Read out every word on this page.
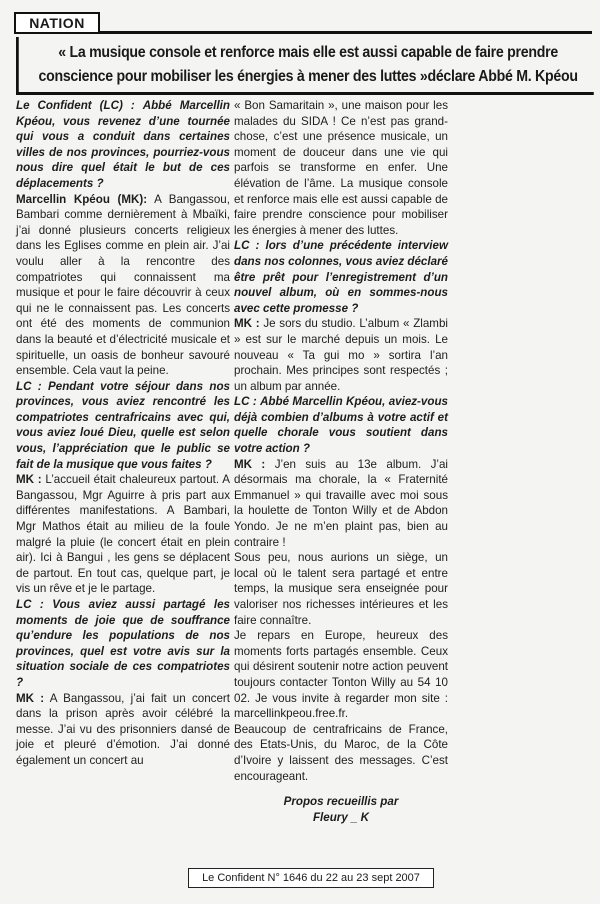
NATION
« La musique console et renforce mais elle est aussi capable de faire prendre conscience pour mobiliser les énergies à mener des luttes »déclare Abbé M. Kpéou

Le Confident (LC) : Abbé Marcellin Kpéou, vous revenez d’une tournée qui vous a conduit dans certaines villes de nos provinces, pourriez-vous nous dire quel était le but de ces déplacements ?

Marcellin Kpéou (MK): A Bangassou, Bambari comme dernièrement à Mbaïki, j’ai donné plusieurs concerts religieux dans les Eglises comme en plein air. J’ai voulu aller à la rencontre des compatriotes qui connaissent ma musique et pour le faire découvrir à ceux qui ne le connaissent pas. Les concerts ont été des moments de communion dans la beauté et d’électricité musicale et spirituelle, un oasis de bonheur savouré ensemble. Cela vaut la peine.

LC : Pendant votre séjour dans nos provinces, vous aviez rencontré les compatriotes centrafricains avec qui, vous aviez loué Dieu, quelle est selon vous, l’appréciation que le public se fait de la musique que vous faites ?

MK : L’accueil était chaleureux partout. A Bangassou, Mgr Aguirre à pris part aux différentes manifestations. A Bambari, Mgr Mathos était au milieu de la foule malgré la pluie (le concert était en plein air). Ici à Bangui , les gens se déplacent de partout. En tout cas, quelque part, je vis un rêve et je le partage.

LC : Vous aviez aussi partagé les moments de joie que de souffrance qu’endure les populations de nos provinces, quel est votre avis sur la situation sociale de ces compatriotes ?

MK : A Bangassou, j’ai fait un concert dans la prison après avoir célébré la messe. J’ai vu des prisonniers dansé de joie et pleuré d’émotion. J’ai donné également un concert au

« Bon Samaritain », une maison pour les malades du SIDA ! Ce n’est pas grand-chose, c’est une présence musicale, un moment de douceur dans une vie qui parfois se transforme en enfer. Une élévation de l’âme. La musique console et renforce mais elle est aussi capable de faire prendre conscience pour mobiliser les énergies à mener des luttes.

LC : lors d’une précédente interview dans nos colonnes, vous aviez déclaré être prêt pour l’enregistrement d’un nouvel album, où en sommes-nous avec cette promesse ?

MK : Je sors du studio. L’album « Zlambi » est sur le marché depuis un mois. Le nouveau « Ta gui mo » sortira l’an prochain. Mes principes sont respectés ; un album par année.

LC : Abbé Marcellin Kpéou, aviez-vous déjà combien d’albums à votre actif et quelle chorale vous soutient dans votre action ?

MK : J’en suis au 13e album. J’ai désormais ma chorale, la « Fraternité Emmanuel » qui travaille avec moi sous la houlette de Tonton Willy et de Abdon Yondo. Je ne m’en plaint pas, bien au contraire !

Sous peu, nous aurions un siège, un local où le talent sera partagé et entre temps, la musique sera enseignée pour valoriser nos richesses intérieures et les faire connaître.

Je repars en Europe, heureux des moments forts partagés ensemble. Ceux qui désirent soutenir notre action peuvent toujours contacter Tonton Willy au 54 10 02. Je vous invite à regarder mon site : marcellinkpeou.free.fr.

Beaucoup de centrafricains de France, des Etats-Unis, du Maroc, de la Côte d’Ivoire y laissent des messages. C’est encourageant.

Propos recueillis par
Fleury _ K
Le Confident N° 1646 du 22 au 23 sept 2007
